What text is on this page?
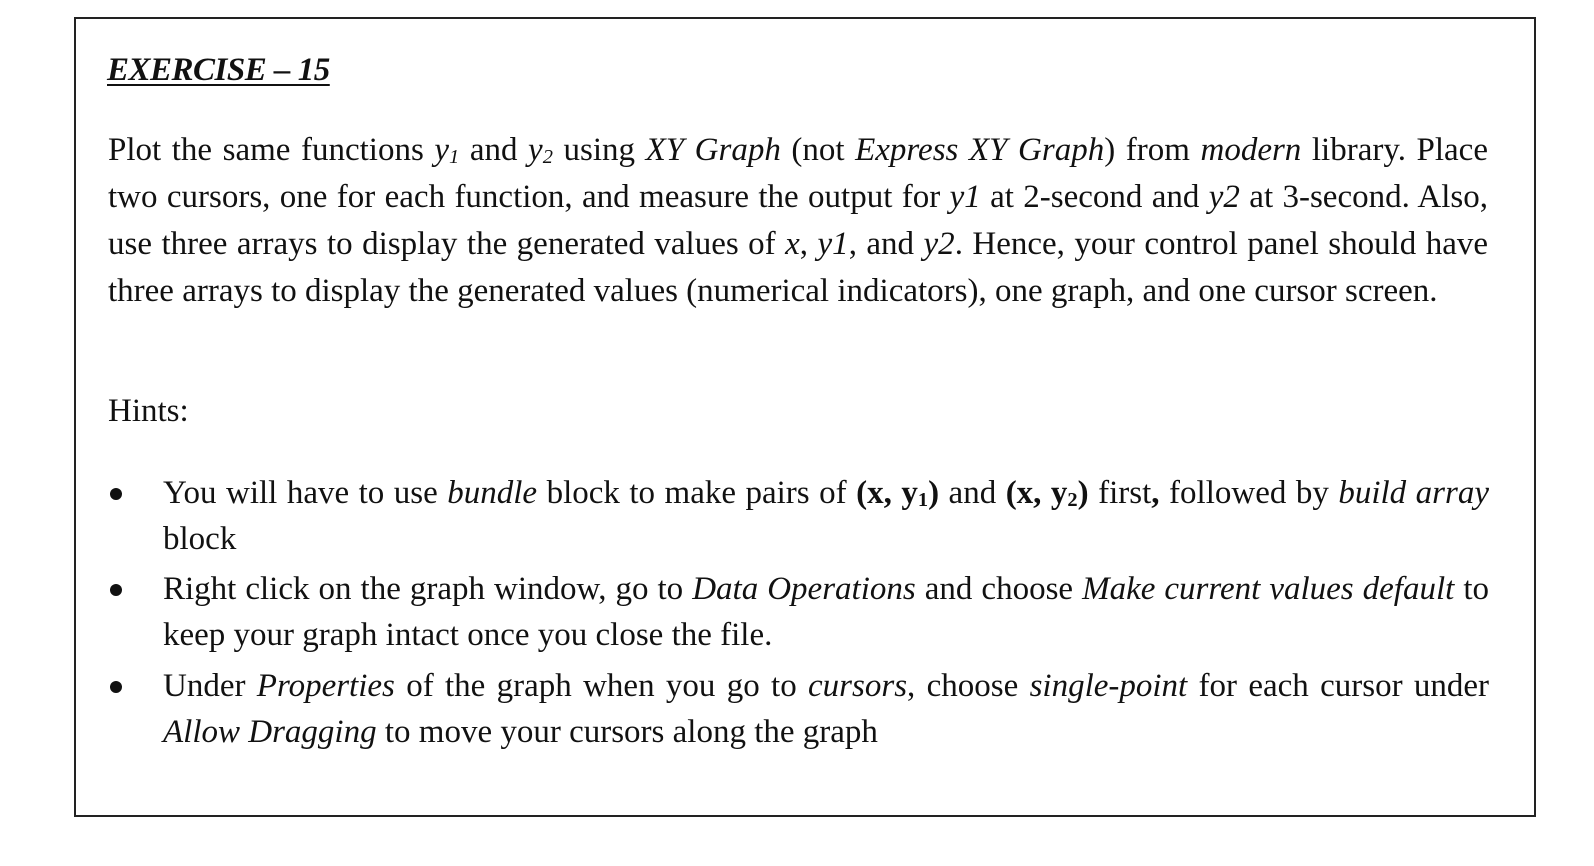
EXERCISE – 15

Plot the same functions $y_1$ and $y_2$ using XY Graph (not Express XY Graph) from modern library. Place two cursors, one for each function, and measure the output for y1 at 2-second and y2 at 3-second. Also, use three arrays to display the generated values of x, y1, and y2. Hence, your control panel should have three arrays to display the generated values (numerical indicators), one graph, and one cursor screen.

Hints:

You will have to use bundle block to make pairs of (x, $y_1$) and (x, $y_2$) first, followed by build array block

Right click on the graph window, go to Data Operations and choose Make current values default to keep your graph intact once you close the file.

Under Properties of the graph when you go to cursors, choose single-point for each cursor under Allow Dragging to move your cursors along the graph
